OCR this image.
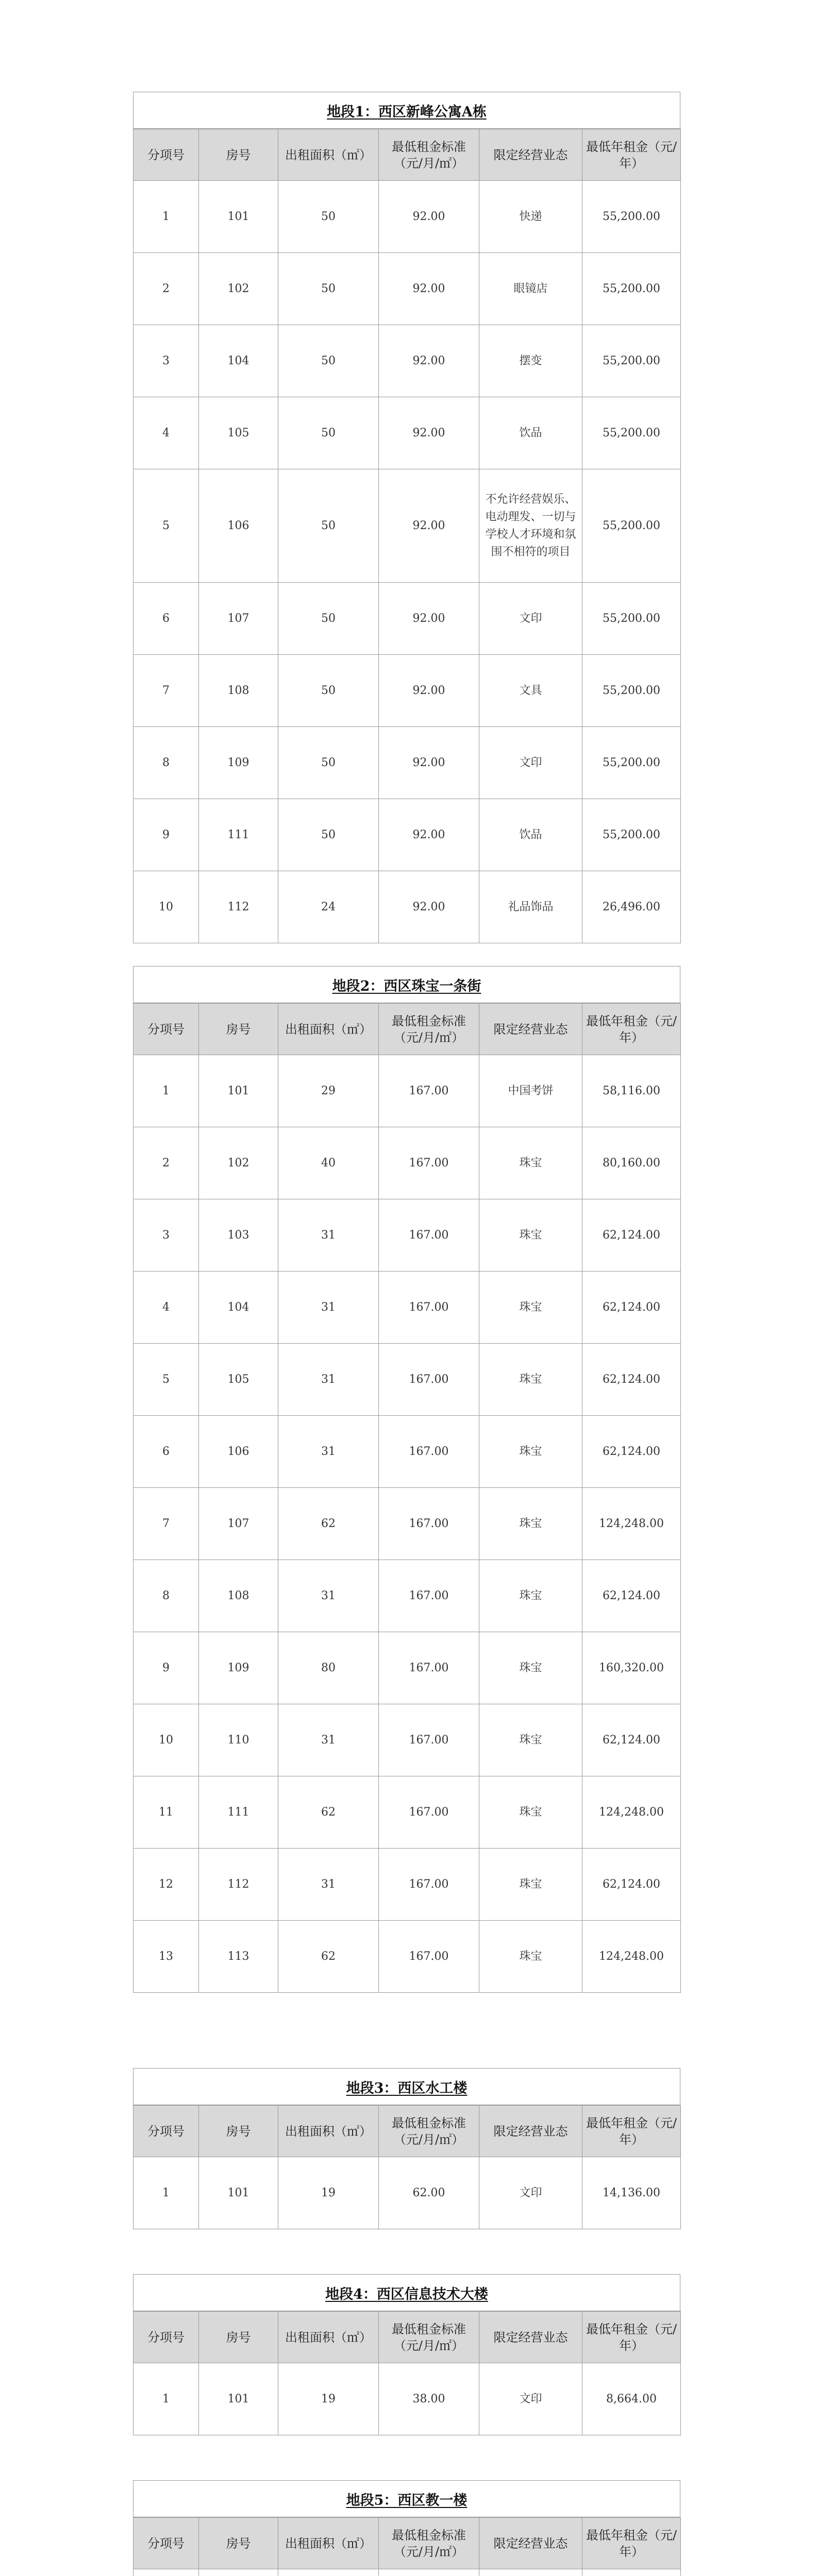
地段1：西区新峰公寓A栋
分项号	房号	出租面积（㎡）	最低租金标准（元/月/㎡）	限定经营业态	最低年租金（元/年）
1	101	50	92.00	快递	55,200.00
2	102	50	92.00	眼镜店	55,200.00
3	104	50	92.00	摆变	55,200.00
4	105	50	92.00	饮品	55,200.00
5	106	50	92.00	不允许经营娱乐、电动理发、一切与学校人才环境和氛围不相符的项目	55,200.00
6	107	50	92.00	文印	55,200.00
7	108	50	92.00	文具	55,200.00
8	109	50	92.00	文印	55,200.00
9	111	50	92.00	饮品	55,200.00
10	112	24	92.00	礼品饰品	26,496.00
地段2：西区珠宝一条街
分项号	房号	出租面积（㎡）	最低租金标准（元/月/㎡）	限定经营业态	最低年租金（元/年）
1	101	29	167.00	中国考饼	58,116.00
2	102	40	167.00	珠宝	80,160.00
3	103	31	167.00	珠宝	62,124.00
4	104	31	167.00	珠宝	62,124.00
5	105	31	167.00	珠宝	62,124.00
6	106	31	167.00	珠宝	62,124.00
7	107	62	167.00	珠宝	124,248.00
8	108	31	167.00	珠宝	62,124.00
9	109	80	167.00	珠宝	160,320.00
10	110	31	167.00	珠宝	62,124.00
11	111	62	167.00	珠宝	124,248.00
12	112	31	167.00	珠宝	62,124.00
13	113	62	167.00	珠宝	124,248.00
地段3：西区水工楼
分项号	房号	出租面积（㎡）	最低租金标准（元/月/㎡）	限定经营业态	最低年租金（元/年）
1	101	19	62.00	文印	14,136.00
地段4：西区信息技术大楼
分项号	房号	出租面积（㎡）	最低租金标准（元/月/㎡）	限定经营业态	最低年租金（元/年）
1	101	19	38.00	文印	8,664.00
地段5：西区教一楼
分项号	房号	出租面积（㎡）	最低租金标准（元/月/㎡）	限定经营业态	最低年租金（元/年）
